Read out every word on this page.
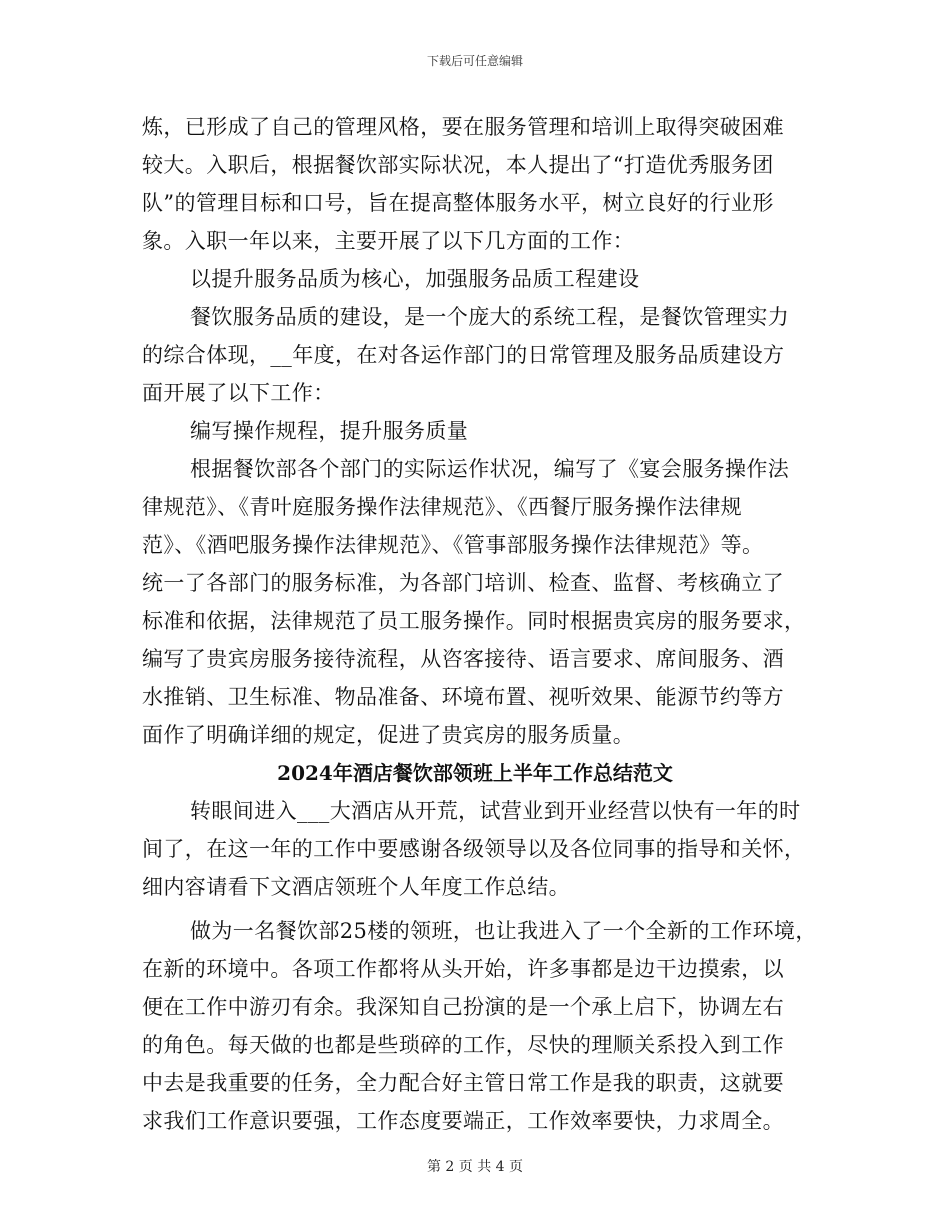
下载后可任意编辑
炼，已形成了自己的管理风格，要在服务管理和培训上取得突破困难
较大。入职后，根据餐饮部实际状况，本人提出了“打造优秀服务团
队”的管理目标和口号，旨在提高整体服务水平，树立良好的行业形
象。入职一年以来，主要开展了以下几方面的工作：
以提升服务品质为核心，加强服务品质工程建设
餐饮服务品质的建设，是一个庞大的系统工程，是餐饮管理实力
的综合体现，__年度，在对各运作部门的日常管理及服务品质建设方
面开展了以下工作：
编写操作规程，提升服务质量
根据餐饮部各个部门的实际运作状况，编写了《宴会服务操作法
律规范》、《青叶庭服务操作法律规范》、《西餐厅服务操作法律规
范》、《酒吧服务操作法律规范》、《管事部服务操作法律规范》等。
统一了各部门的服务标准，为各部门培训、检查、监督、考核确立了
标准和依据，法律规范了员工服务操作。同时根据贵宾房的服务要求，
编写了贵宾房服务接待流程，从咨客接待、语言要求、席间服务、酒
水推销、卫生标准、物品准备、环境布置、视听效果、能源节约等方
面作了明确详细的规定，促进了贵宾房的服务质量。
2024年酒店餐饮部领班上半年工作总结范文
转眼间进入___大酒店从开荒，试营业到开业经营以快有一年的时
间了，在这一年的工作中要感谢各级领导以及各位同事的指导和关怀，
细内容请看下文酒店领班个人年度工作总结。
做为一名餐饮部25楼的领班，也让我进入了一个全新的工作环境，
在新的环境中。各项工作都将从头开始，许多事都是边干边摸索，以
便在工作中游刃有余。我深知自己扮演的是一个承上启下，协调左右
的角色。每天做的也都是些琐碎的工作，尽快的理顺关系投入到工作
中去是我重要的任务，全力配合好主管日常工作是我的职责，这就要
求我们工作意识要强，工作态度要端正，工作效率要快，力求周全。
第 2 页 共 4 页
